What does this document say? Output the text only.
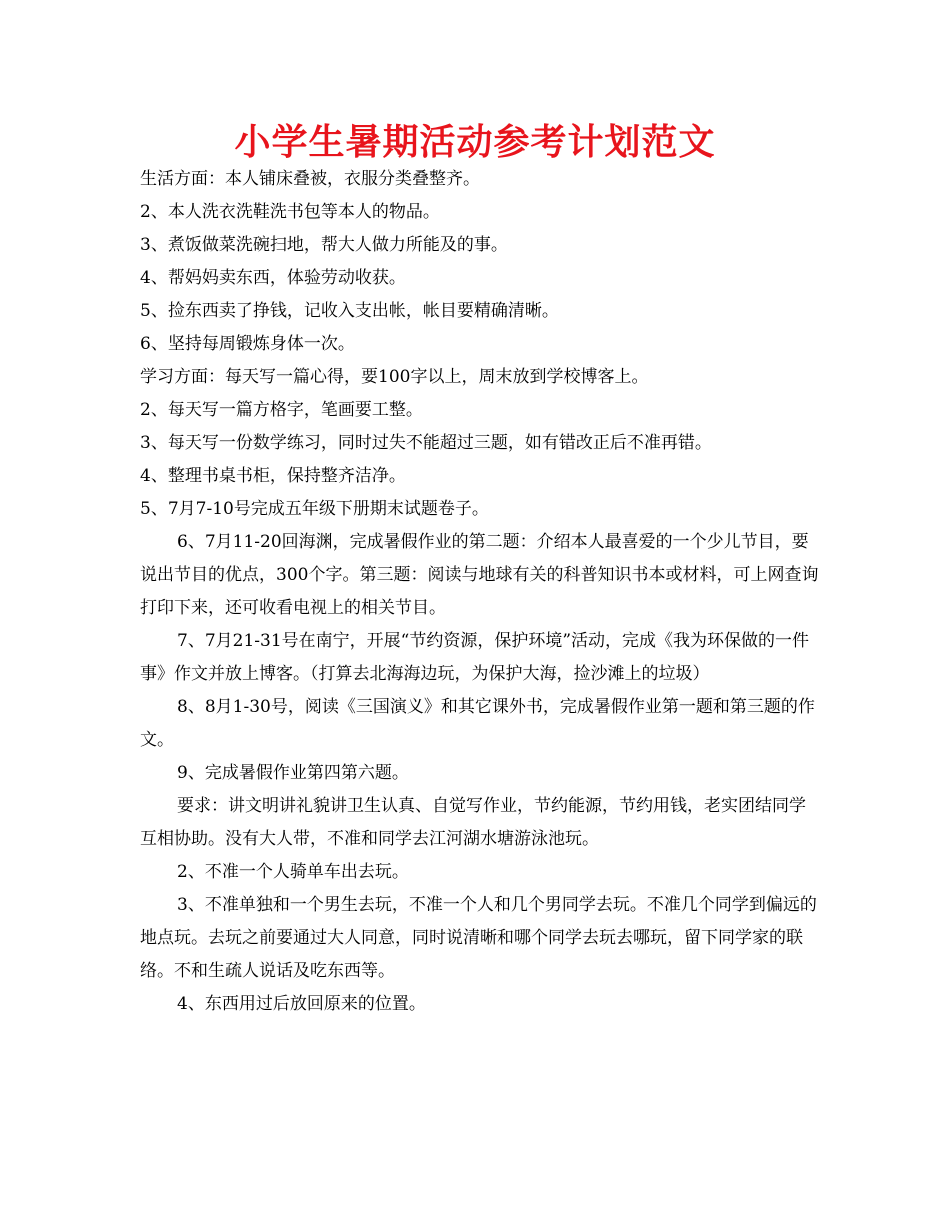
小学生暑期活动参考计划范文

生活方面：本人铺床叠被，衣服分类叠整齐。

2、本人洗衣洗鞋洗书包等本人的物品。

3、煮饭做菜洗碗扫地，帮大人做力所能及的事。

4、帮妈妈卖东西，体验劳动收获。

5、捡东西卖了挣钱，记收入支出帐，帐目要精确清晰。

6、坚持每周锻炼身体一次。

学习方面：每天写一篇心得，要100字以上，周末放到学校博客上。

2、每天写一篇方格字，笔画要工整。

3、每天写一份数学练习，同时过失不能超过三题，如有错改正后不准再错。

4、整理书桌书柜，保持整齐洁净。

5、7月7-10号完成五年级下册期末试题卷子。

6、7月11-20回海渊，完成暑假作业的第二题：介绍本人最喜爱的一个少儿节目，要说出节目的优点，300个字。第三题：阅读与地球有关的科普知识书本或材料，可上网查询打印下来，还可收看电视上的相关节目。

7、7月21-31号在南宁，开展“节约资源，保护环境”活动，完成《我为环保做的一件事》作文并放上博客。（打算去北海海边玩，为保护大海，捡沙滩上的垃圾）

8、8月1-30号，阅读《三国演义》和其它课外书，完成暑假作业第一题和第三题的作文。

9、完成暑假作业第四第六题。

要求：讲文明讲礼貌讲卫生认真、自觉写作业，节约能源，节约用钱，老实团结同学互相协助。没有大人带，不准和同学去江河湖水塘游泳池玩。

2、不准一个人骑单车出去玩。

3、不准单独和一个男生去玩，不准一个人和几个男同学去玩。不准几个同学到偏远的地点玩。去玩之前要通过大人同意，同时说清晰和哪个同学去玩去哪玩，留下同学家的联络。不和生疏人说话及吃东西等。

4、东西用过后放回原来的位置。
